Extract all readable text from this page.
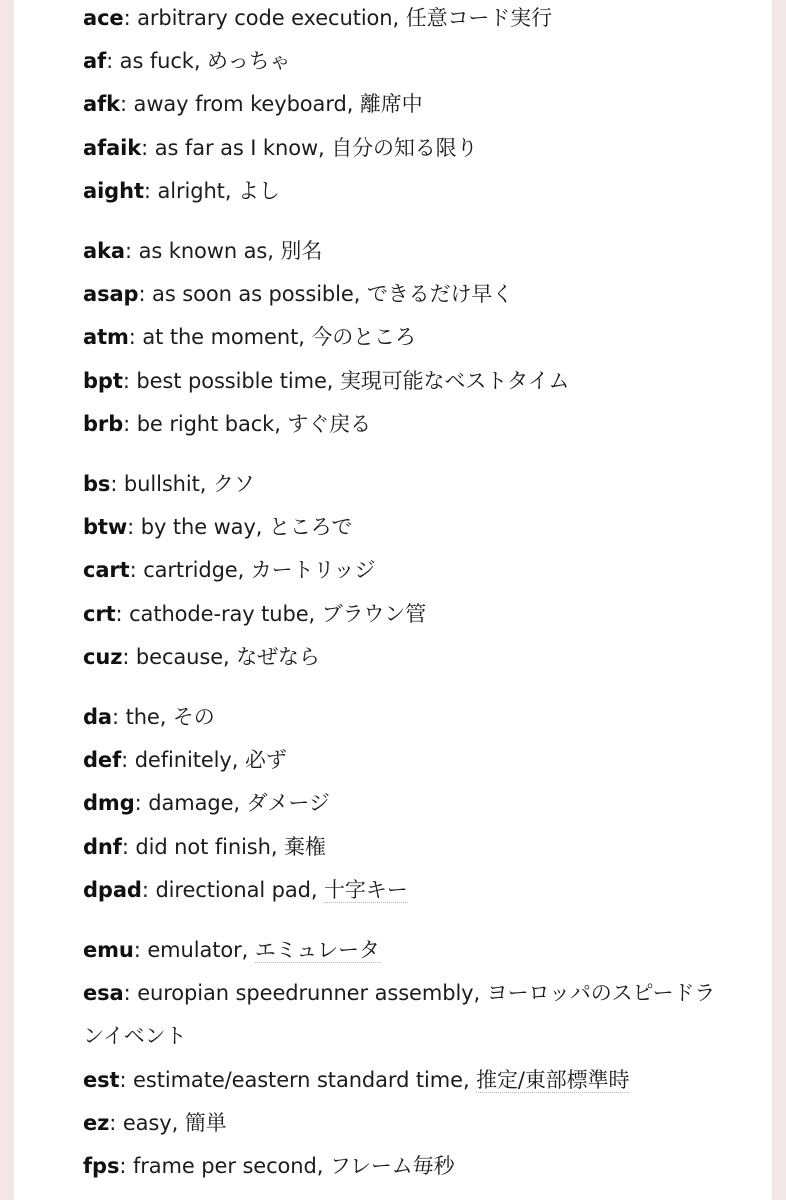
ace: arbitrary code execution, 任意コード実行
af: as fuck, めっちゃ
afk: away from keyboard, 離席中
afaik: as far as I know, 自分の知る限り
aight: alright, よし
aka: as known as, 別名
asap: as soon as possible, できるだけ早く
atm: at the moment, 今のところ
bpt: best possible time, 実現可能なベストタイム
brb: be right back, すぐ戻る
bs: bullshit, クソ
btw: by the way, ところで
cart: cartridge, カートリッジ
crt: cathode-ray tube, ブラウン管
cuz: because, なぜなら
da: the, その
def: definitely, 必ず
dmg: damage, ダメージ
dnf: did not finish, 棄権
dpad: directional pad, 十字キー
emu: emulator, エミュレータ
esa: europian speedrunner assembly, ヨーロッパのスピードランイベント
est: estimate/eastern standard time, 推定/東部標準時
ez: easy, 簡単
fps: frame per second, フレーム毎秒
